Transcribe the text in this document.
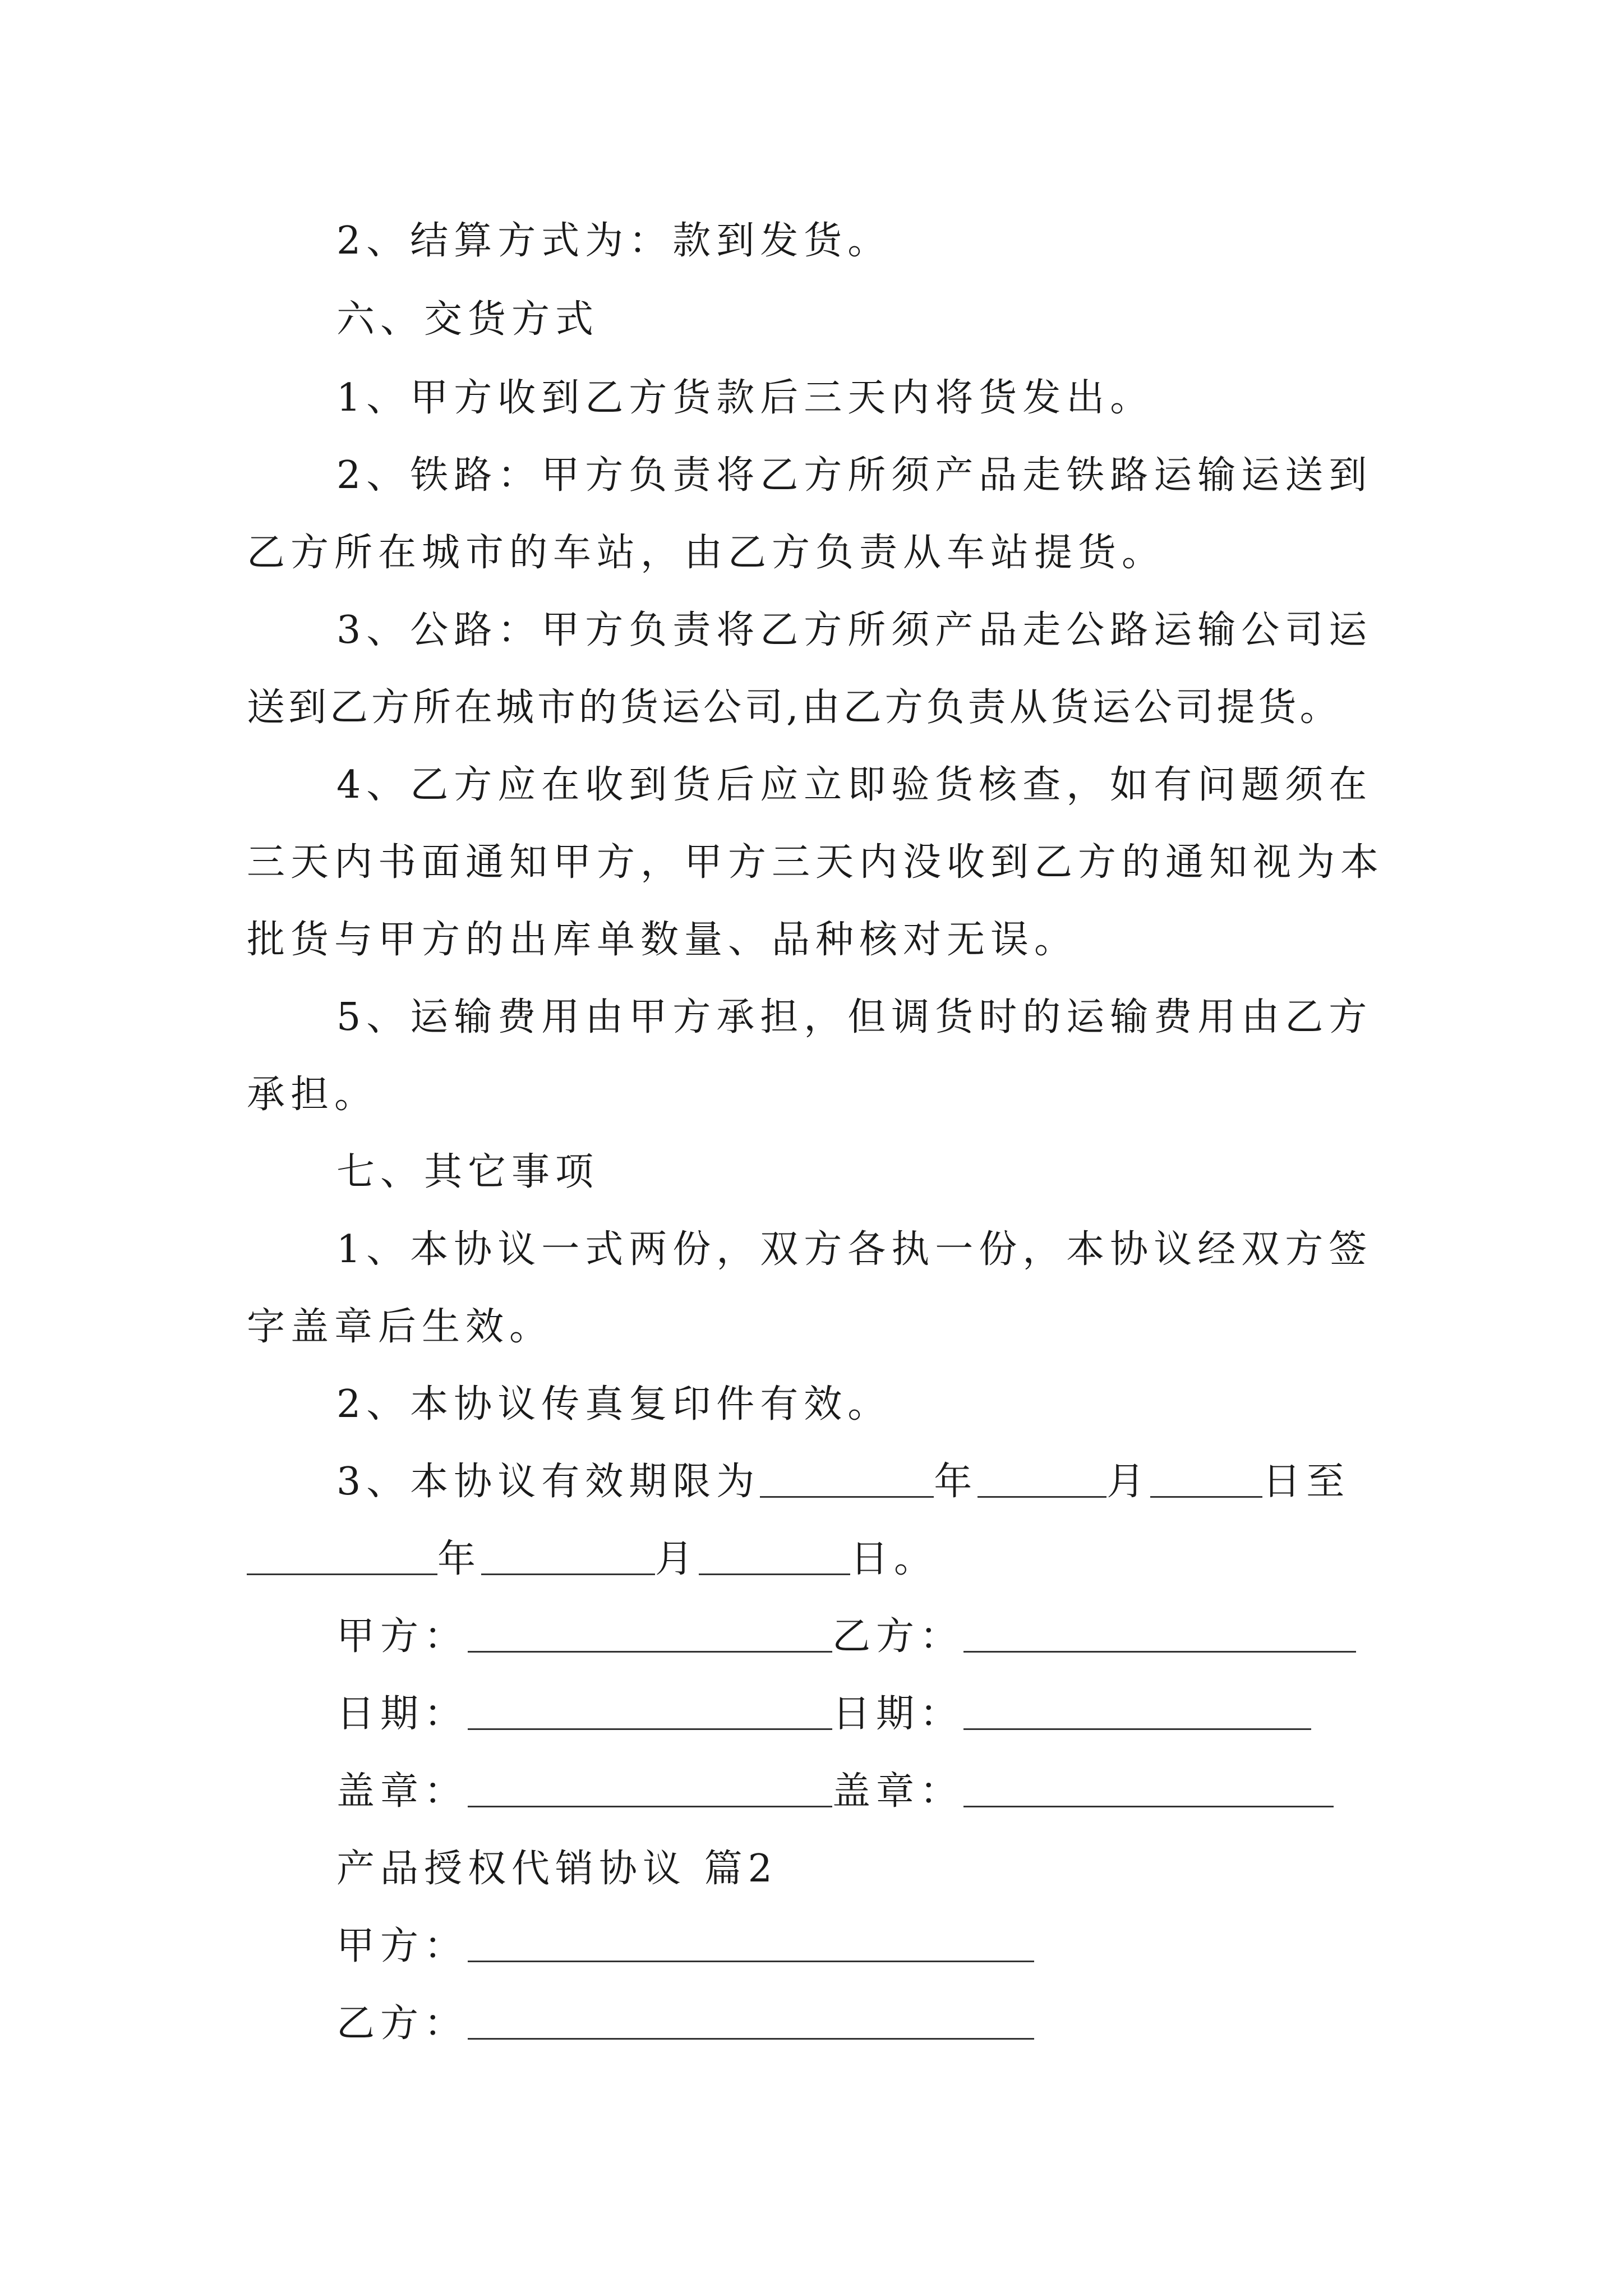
2、结算方式为：款到发货。
六、交货方式
1、甲方收到乙方货款后三天内将货发出。
2、铁路：甲方负责将乙方所须产品走铁路运输运送到
乙方所在城市的车站，由乙方负责从车站提货。
3、公路：甲方负责将乙方所须产品走公路运输公司运
送到乙方所在城市的货运公司,由乙方负责从货运公司提货。
4、乙方应在收到货后应立即验货核查，如有问题须在
三天内书面通知甲方，甲方三天内没收到乙方的通知视为本
批货与甲方的出库单数量、品种核对无误。
5、运输费用由甲方承担，但调货时的运输费用由乙方
承担。
七、其它事项
1、本协议一式两份，双方各执一份，本协议经双方签
字盖章后生效。
2、本协议传真复印件有效。
3、本协议有效期限为	年	月	日至
年	月	日。
甲方：	乙方：
日期：	日期：
盖章：	盖章：
产品授权代销协议 篇2
甲方：
乙方：
